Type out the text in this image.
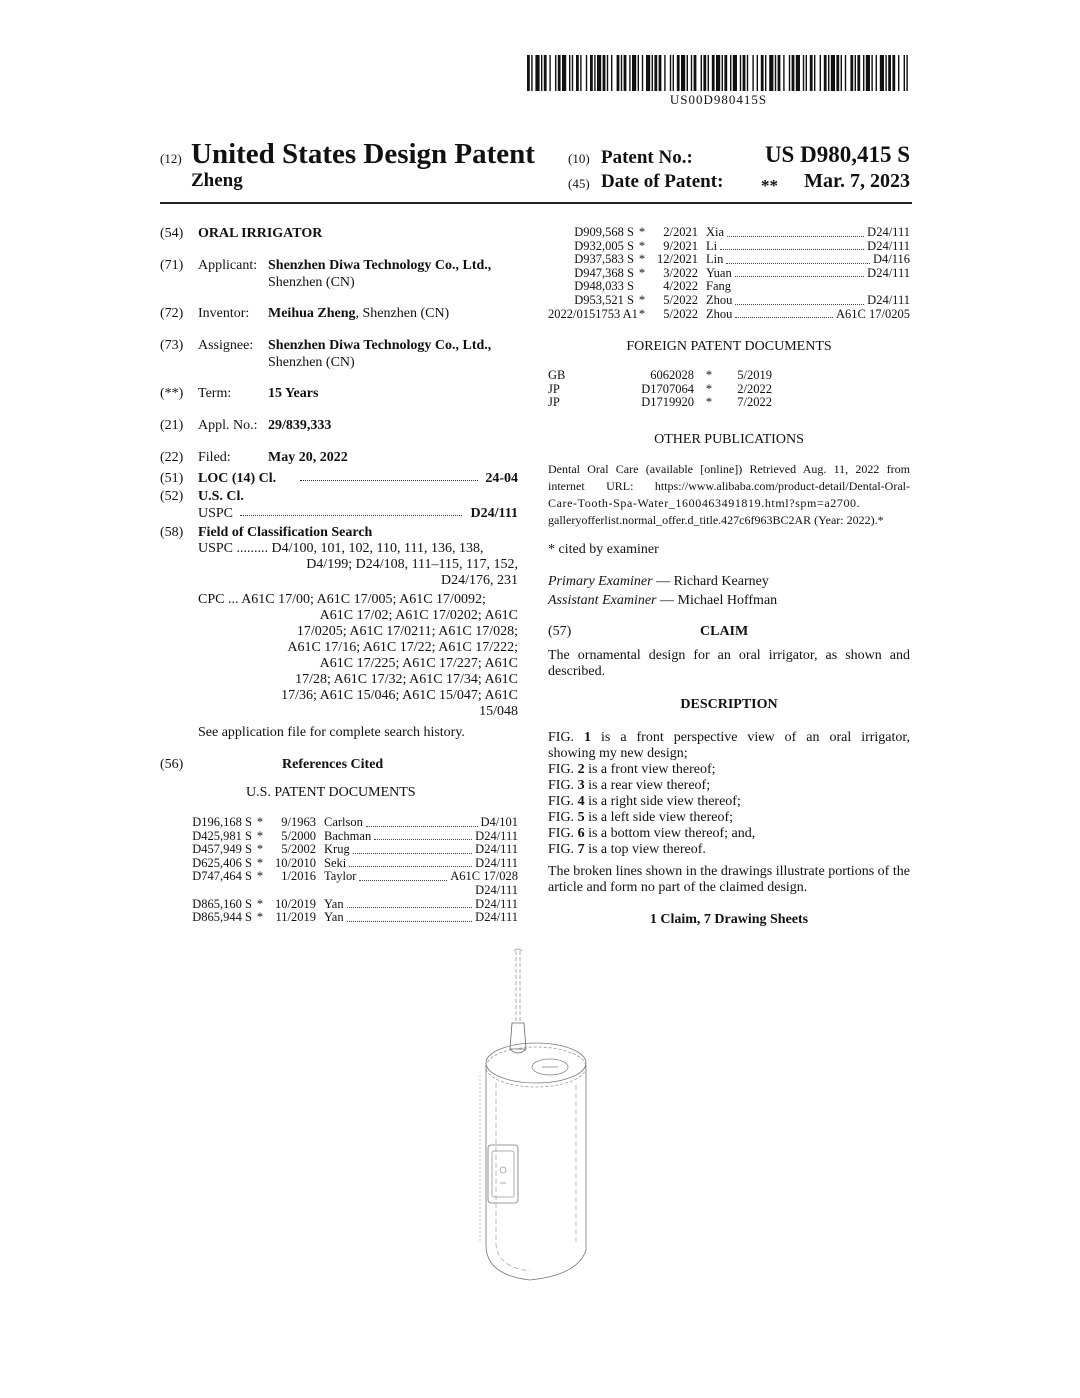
US00D980415S
(12) United States Design Patent
Zheng
(10) Patent No.:	US D980,415 S
(45) Date of Patent: **	Mar. 7, 2023
(54) ORAL IRRIGATOR
(71) Applicant: Shenzhen Diwa Technology Co., Ltd.,
Shenzhen (CN)
(72) Inventor: Meihua Zheng, Shenzhen (CN)
(73) Assignee: Shenzhen Diwa Technology Co., Ltd.,
Shenzhen (CN)
(**) Term:	15 Years
(21) Appl. No.: 29/839,333
(22) Filed:	May 20, 2022
(51) LOC (14) Cl.	24-04
(52) U.S. Cl.
USPC	D24/111
(58) Field of Classification Search
USPC ......... D4/100, 101, 102, 110, 111, 136, 138,
D4/199; D24/108, 111–115, 117, 152,
D24/176, 231
CPC ... A61C 17/00; A61C 17/005; A61C 17/0092;
A61C 17/02; A61C 17/0202; A61C
17/0205; A61C 17/0211; A61C 17/028;
A61C 17/16; A61C 17/22; A61C 17/222;
A61C 17/225; A61C 17/227; A61C
17/28; A61C 17/32; A61C 17/34; A61C
17/36; A61C 15/046; A61C 15/047; A61C
15/048
See application file for complete search history.
(56)	References Cited
U.S. PATENT DOCUMENTS
D196,168 S *	9/1963 Carlson	D4/101
D425,981 S *	5/2000 Bachman	D24/111
D457,949 S *	5/2002 Krug	D24/111
D625,406 S * 10/2010 Seki	D24/111
D747,464 S *	1/2016 Taylor	A61C 17/028
D24/111
D865,160 S * 10/2019 Yan	D24/111
D865,944 S * 11/2019 Yan	D24/111
D909,568 S *	2/2021 Xia	D24/111
D932,005 S *	9/2021 Li	D24/111
D937,583 S * 12/2021 Lin	D4/116
D947,368 S *	3/2022 Yuan	D24/111
D948,033 S	4/2022 Fang
D953,521 S *	5/2022 Zhou	D24/111
2022/0151753 A1 *	5/2022 Zhou	A61C 17/0205
FOREIGN PATENT DOCUMENTS
GB	6062028 *	5/2019
JP	D1707064 *	2/2022
JP	D1719920 *	7/2022
OTHER PUBLICATIONS
Dental Oral Care (available [online]) Retrieved Aug. 11, 2022 from
internet URL: https://www.alibaba.com/product-detail/Dental-Oral-
Care-Tooth-Spa-Water_1600463491819.html?spm=a2700.
galleryofferlist.normal_offer.d_title.427c6f963BC2AR (Year: 2022).*
* cited by examiner
Primary Examiner — Richard Kearney
Assistant Examiner — Michael Hoffman
(57)	CLAIM
The ornamental design for an oral irrigator, as shown and described.
DESCRIPTION
FIG. 1 is a front perspective view of an oral irrigator,
showing my new design;
FIG. 2 is a front view thereof;
FIG. 3 is a rear view thereof;
FIG. 4 is a right side view thereof;
FIG. 5 is a left side view thereof;
FIG. 6 is a bottom view thereof; and,
FIG. 7 is a top view thereof.
The broken lines shown in the drawings illustrate portions of the article and form no part of the claimed design.
1 Claim, 7 Drawing Sheets
